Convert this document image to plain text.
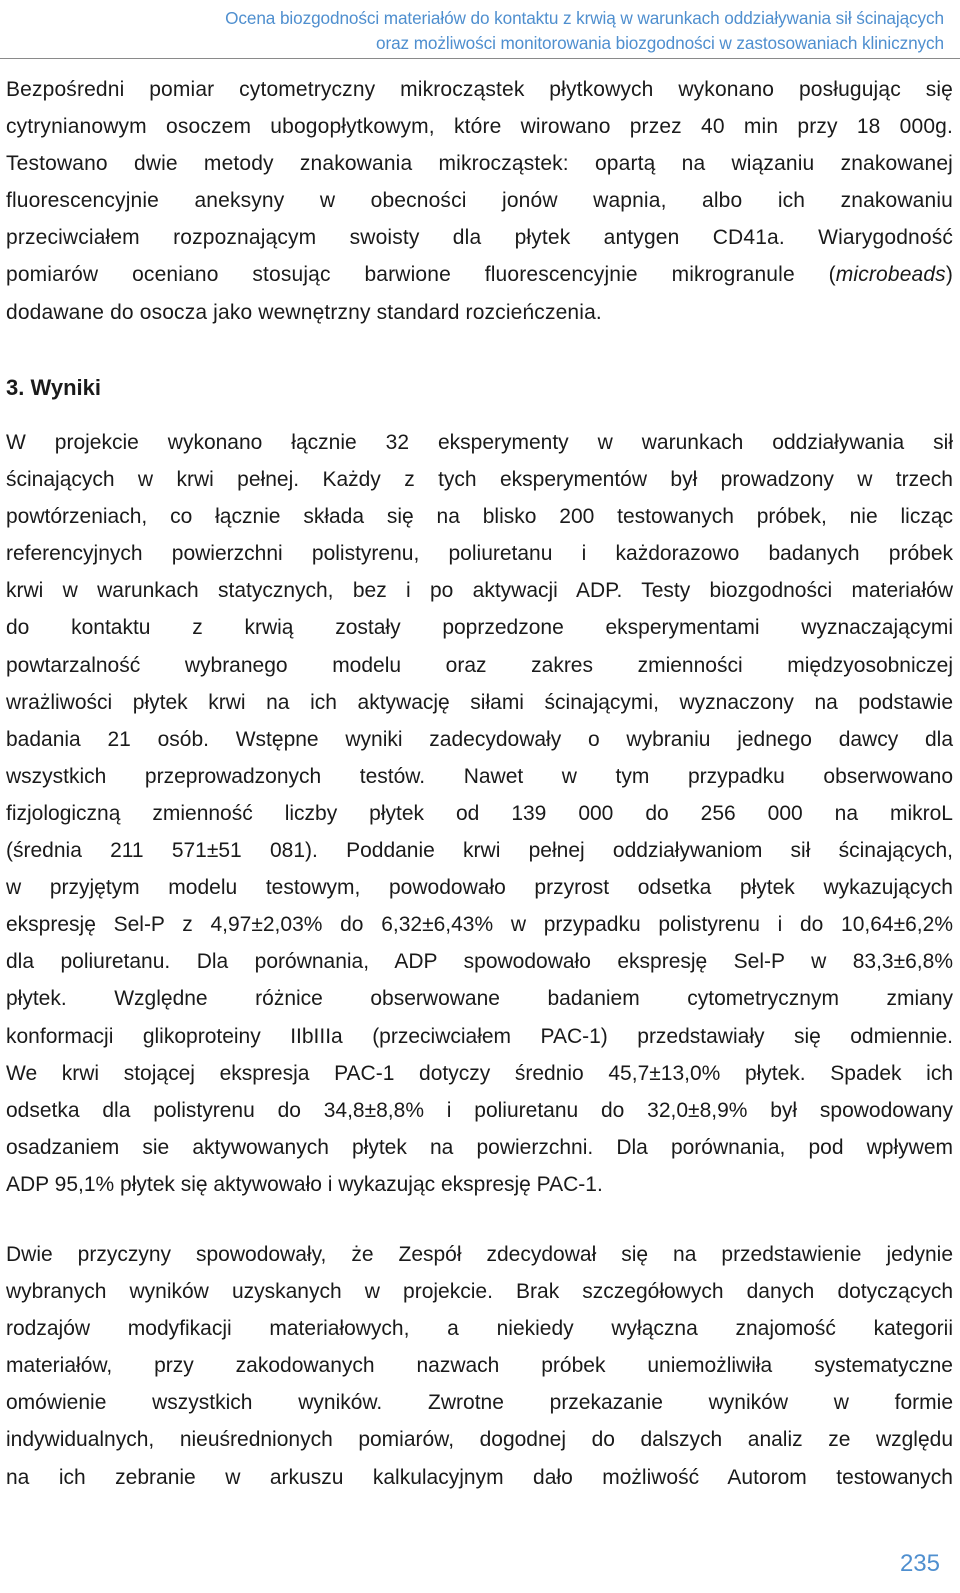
Ocena biozgodności materiałów do kontaktu z krwią w warunkach oddziaływania sił ścinających
oraz możliwości monitorowania biozgodności w zastosowaniach klinicznych
Bezpośredni pomiar cytometryczny mikrocząstek płytkowych wykonano posługując się
cytrynianowym osoczem ubogopłytkowym, które wirowano przez 40 min przy 18 000g.
Testowano dwie metody znakowania mikrocząstek: opartą na wiązaniu znakowanej
fluorescencyjnie aneksyny w obecności jonów wapnia, albo ich znakowaniu
przeciwciałem rozpoznającym swoisty dla płytek antygen CD41a. Wiarygodność
pomiarów oceniano stosując barwione fluorescencyjnie mikrogranule (microbeads)
dodawane do osocza jako wewnętrzny standard rozcieńczenia.
3. Wyniki
W projekcie wykonano łącznie 32 eksperymenty w warunkach oddziaływania sił
ścinających w krwi pełnej. Każdy z tych eksperymentów był prowadzony w trzech
powtórzeniach, co łącznie składa się na blisko 200 testowanych próbek, nie licząc
referencyjnych powierzchni polistyrenu, poliuretanu i każdorazowo badanych próbek
krwi w warunkach statycznych, bez i po aktywacji ADP. Testy biozgodności materiałów
do kontaktu z krwią zostały poprzedzone eksperymentami wyznaczającymi
powtarzalność wybranego modelu oraz zakres zmienności międzyosobniczej
wrażliwości płytek krwi na ich aktywację siłami ścinającymi, wyznaczony na podstawie
badania 21 osób. Wstępne wyniki zadecydowały o wybraniu jednego dawcy dla
wszystkich przeprowadzonych testów. Nawet w tym przypadku obserwowano
fizjologiczną zmienność liczby płytek od 139 000 do 256 000 na mikroL
(średnia 211 571±51 081). Poddanie krwi pełnej oddziaływaniom sił ścinających,
w przyjętym modelu testowym, powodowało przyrost odsetka płytek wykazujących
ekspresję Sel-P z 4,97±2,03% do 6,32±6,43% w przypadku polistyrenu i do 10,64±6,2%
dla poliuretanu. Dla porównania, ADP spowodowało ekspresję Sel-P w 83,3±6,8%
płytek. Względne różnice obserwowane badaniem cytometrycznym zmiany
konformacji glikoproteiny IIbIIIa (przeciwciałem PAC-1) przedstawiały się odmiennie.
We krwi stojącej ekspresja PAC-1 dotyczy średnio 45,7±13,0% płytek. Spadek ich
odsetka dla polistyrenu do 34,8±8,8% i poliuretanu do 32,0±8,9% był spowodowany
osadzaniem sie aktywowanych płytek na powierzchni. Dla porównania, pod wpływem
ADP 95,1% płytek się aktywowało i wykazując ekspresję PAC-1.
Dwie przyczyny spowodowały, że Zespół zdecydował się na przedstawienie jedynie
wybranych wyników uzyskanych w projekcie. Brak szczegółowych danych dotyczących
rodzajów modyfikacji materiałowych, a niekiedy wyłączna znajomość kategorii
materiałów, przy zakodowanych nazwach próbek uniemożliwiła systematyczne
omówienie wszystkich wyników. Zwrotne przekazanie wyników w formie
indywidualnych, nieuśrednionych pomiarów, dogodnej do dalszych analiz ze względu
na ich zebranie w arkuszu kalkulacyjnym dało możliwość Autorom testowanych
235
